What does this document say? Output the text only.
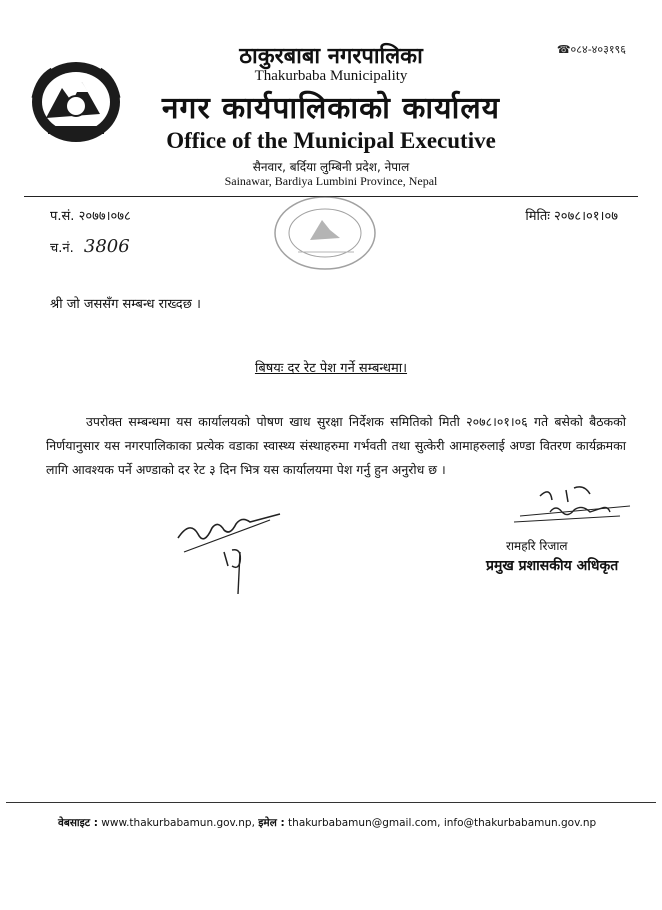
☎०८४-४०३१९६
ठाकुरबाबा नगरपालिका
Thakurbaba Municipality
नगर कार्यपालिकाको कार्यालय
Office of the Municipal Executive
सैनवार, बर्दिया लुम्बिनी प्रदेश, नेपाल
Sainawar, Bardiya Lumbini Province, Nepal
प.सं. २०७७।०७८	मितिः २०७८।०१।०७
च.नं. 3806
श्री जो जससँग सम्बन्ध राख्दछ ।
बिषयः दर रेट पेश गर्ने सम्बन्धमा।
उपरोक्त सम्बन्धमा यस कार्यालयको पोषण खाध सुरक्षा निर्देशक समितिको मिती २०७८।०१।०६ गते बसेको बैठकको निर्णयानुसार यस नगरपालिकाका प्रत्येक वडाका स्वास्थ्य संस्थाहरुमा गर्भवती तथा सुत्केरी आमाहरुलाई अण्डा वितरण कार्यक्रमका लागि आवश्यक पर्ने अण्डाको दर रेट ३ दिन भित्र यस कार्यालयमा पेश गर्नु हुन अनुरोध छ ।
रामहरि रिजाल
प्रमुख प्रशासकीय अधिकृत
वेबसाइट : www.thakurbabamun.gov.np, इमेल : thakurbabamun@gmail.com, info@thakurbabamun.gov.np
